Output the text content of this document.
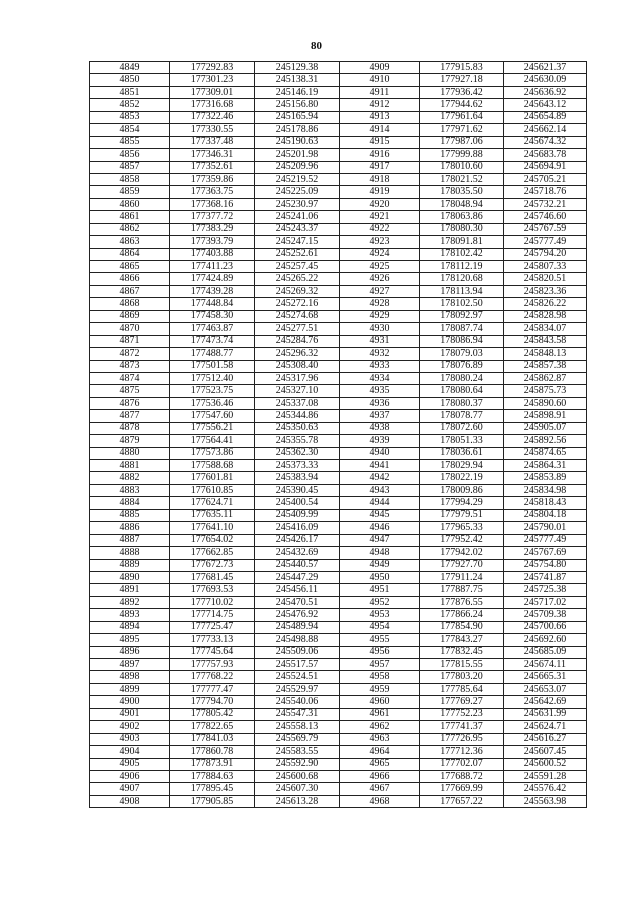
80
4849	177292.83	245129.38	4909	177915.83	245621.37
4850	177301.23	245138.31	4910	177927.18	245630.09
4851	177309.01	245146.19	4911	177936.42	245636.92
4852	177316.68	245156.80	4912	177944.62	245643.12
4853	177322.46	245165.94	4913	177961.64	245654.89
4854	177330.55	245178.86	4914	177971.62	245662.14
4855	177337.48	245190.63	4915	177987.06	245674.32
4856	177346.31	245201.98	4916	177999.88	245683.78
4857	177352.61	245209.96	4917	178010.60	245694.91
4858	177359.86	245219.52	4918	178021.52	245705.21
4859	177363.75	245225.09	4919	178035.50	245718.76
4860	177368.16	245230.97	4920	178048.94	245732.21
4861	177377.72	245241.06	4921	178063.86	245746.60
4862	177383.29	245243.37	4922	178080.30	245767.59
4863	177393.79	245247.15	4923	178091.81	245777.49
4864	177403.88	245252.61	4924	178102.42	245794.20
4865	177411.23	245257.45	4925	178112.19	245807.33
4866	177424.89	245265.22	4926	178120.68	245820.51
4867	177439.28	245269.32	4927	178113.94	245823.36
4868	177448.84	245272.16	4928	178102.50	245826.22
4869	177458.30	245274.68	4929	178092.97	245828.98
4870	177463.87	245277.51	4930	178087.74	245834.07
4871	177473.74	245284.76	4931	178086.94	245843.58
4872	177488.77	245296.32	4932	178079.03	245848.13
4873	177501.58	245308.40	4933	178076.89	245857.38
4874	177512.40	245317.96	4934	178080.24	245862.87
4875	177523.75	245327.10	4935	178080.64	245875.73
4876	177536.46	245337.08	4936	178080.37	245890.60
4877	177547.60	245344.86	4937	178078.77	245898.91
4878	177556.21	245350.63	4938	178072.60	245905.07
4879	177564.41	245355.78	4939	178051.33	245892.56
4880	177573.86	245362.30	4940	178036.61	245874.65
4881	177588.68	245373.33	4941	178029.94	245864.31
4882	177601.81	245383.94	4942	178022.19	245853.89
4883	177610.85	245390.45	4943	178009.86	245834.98
4884	177624.71	245400.54	4944	177994.29	245818.43
4885	177635.11	245409.99	4945	177979.51	245804.18
4886	177641.10	245416.09	4946	177965.33	245790.01
4887	177654.02	245426.17	4947	177952.42	245777.49
4888	177662.85	245432.69	4948	177942.02	245767.69
4889	177672.73	245440.57	4949	177927.70	245754.80
4890	177681.45	245447.29	4950	177911.24	245741.87
4891	177693.53	245456.11	4951	177887.75	245725.38
4892	177710.02	245470.51	4952	177876.55	245717.02
4893	177714.75	245476.92	4953	177866.24	245709.38
4894	177725.47	245489.94	4954	177854.90	245700.66
4895	177733.13	245498.88	4955	177843.27	245692.60
4896	177745.64	245509.06	4956	177832.45	245685.09
4897	177757.93	245517.57	4957	177815.55	245674.11
4898	177768.22	245524.51	4958	177803.20	245665.31
4899	177777.47	245529.97	4959	177785.64	245653.07
4900	177794.70	245540.06	4960	177769.27	245642.69
4901	177805.42	245547.31	4961	177752.23	245631.99
4902	177822.65	245558.13	4962	177741.37	245624.71
4903	177841.03	245569.79	4963	177726.95	245616.27
4904	177860.78	245583.55	4964	177712.36	245607.45
4905	177873.91	245592.90	4965	177702.07	245600.52
4906	177884.63	245600.68	4966	177688.72	245591.28
4907	177895.45	245607.30	4967	177669.99	245576.42
4908	177905.85	245613.28	4968	177657.22	245563.98
